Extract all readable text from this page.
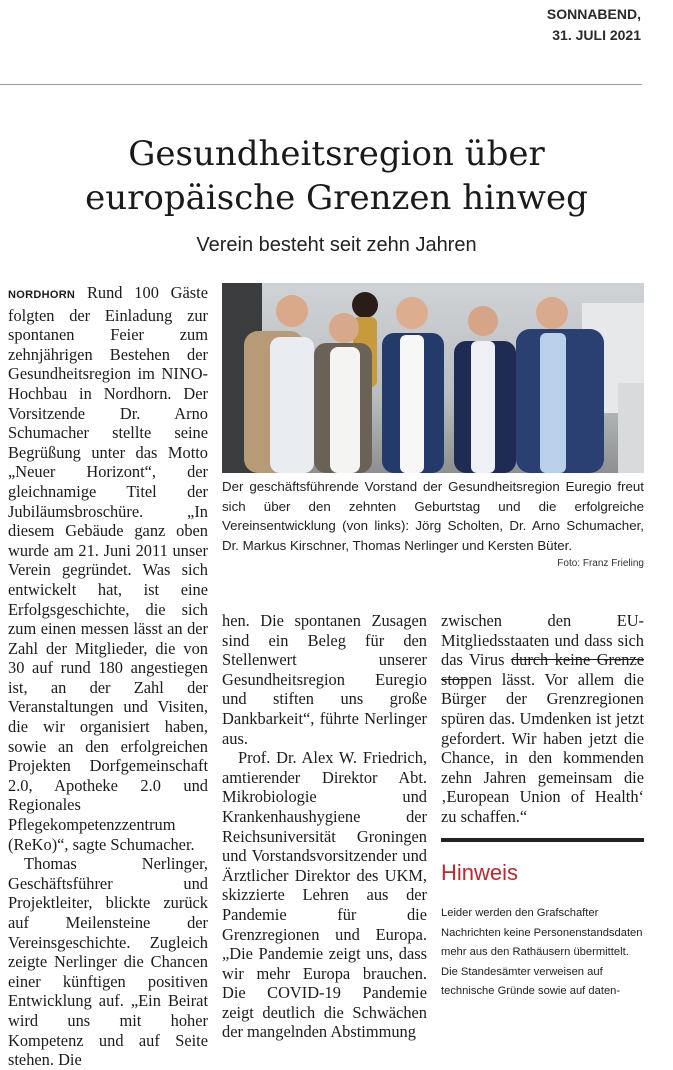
SONNABEND,
31. JULI 2021
Gesundheitsregion über
europäische Grenzen hinweg
Verein besteht seit zehn Jahren

NORDHORN Rund 100 Gäste folgten der Einladung zur spontanen Feier zum zehnjährigen Bestehen der Gesundheitsregion im NINO-Hochbau in Nordhorn. Der Vorsitzende Dr. Arno Schumacher stellte seine Begrüßung unter das Motto „Neuer Horizont“, der gleichnamige Titel der Jubiläumsbroschüre. „In diesem Gebäude ganz oben wurde am 21. Juni 2011 unser Verein gegründet. Was sich entwickelt hat, ist eine Erfolgsgeschichte, die sich zum einen messen lässt an der Zahl der Mitglieder, die von 30 auf rund 180 angestiegen ist, an der Zahl der Veranstaltungen und Visiten, die wir organisiert haben, sowie an den erfolgreichen Projekten Dorfgemeinschaft 2.0, Apotheke 2.0 und Regionales Pflegekompetenzzentrum (ReKo)“, sagte Schumacher.

Thomas Nerlinger, Geschäftsführer und Projektleiter, blickte zurück auf Meilensteine der Vereinsgeschichte. Zugleich zeigte Nerlinger die Chancen einer künftigen positiven Entwicklung auf. „Ein Beirat wird uns mit hoher Kompetenz und auf Seite stehen. Die

Der geschäftsführende Vorstand der Gesundheitsregion Euregio freut sich über den zehnten Geburtstag und die erfolgreiche Vereinsentwicklung (von links): Jörg Scholten, Dr. Arno Schumacher, Dr. Markus Kirschner, Thomas Nerlinger und Kersten Büter.
Foto: Franz Frieling

hen. Die spontanen Zusagen sind ein Beleg für den Stellenwert unserer Gesundheitsregion Euregio und stiften uns große Dankbarkeit“, führte Nerlinger aus.

Prof. Dr. Alex W. Friedrich, amtierender Direktor Abt. Mikrobiologie und Krankenhaushygiene der Reichsuniversität Groningen und Vorstandsvorsitzender und Ärztlicher Direktor des UKM, skizzierte Lehren aus der Pandemie für die Grenzregionen und Europa. „Die Pandemie zeigt uns, dass wir mehr Europa brauchen. Die COVID-19 Pandemie zeigt deutlich die Schwächen der mangelnden Abstimmung

zwischen den EU-Mitgliedsstaaten und dass sich das Virus durch keine Grenze stoppen lässt. Vor allem die Bürger der Grenzregionen spüren das. Umdenken ist jetzt gefordert. Wir haben jetzt die Chance, in den kommenden zehn Jahren gemeinsam die ‚European Union of Health‘ zu schaffen.“

Hinweis
Leider werden den Grafschafter Nachrichten keine Personenstandsdaten mehr aus den Rathäusern übermittelt. Die Standesämter verweisen auf technische Gründe sowie auf daten-
